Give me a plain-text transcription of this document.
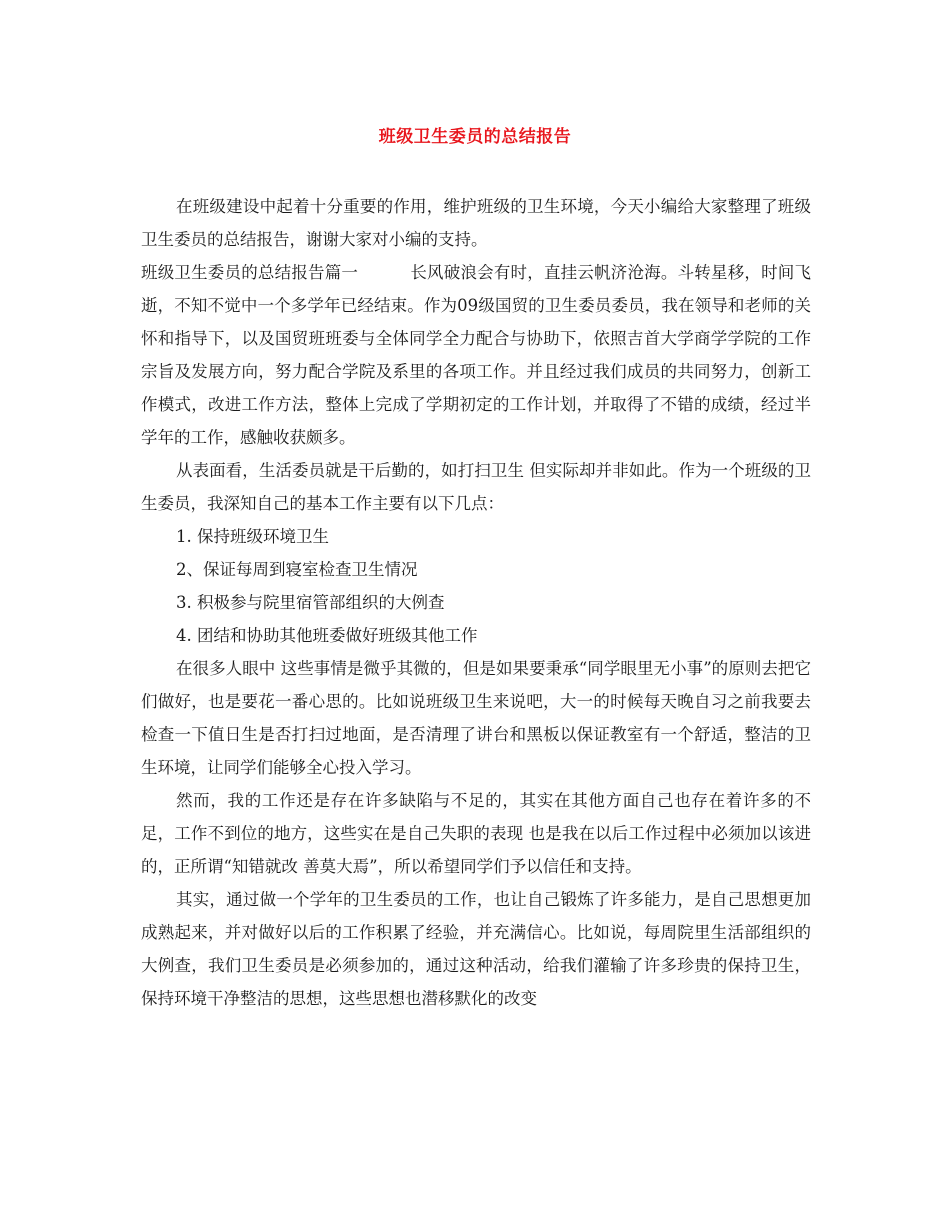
班级卫生委员的总结报告

在班级建设中起着十分重要的作用，维护班级的卫生环境，今天小编给大家整理了班级卫生委员的总结报告，谢谢大家对小编的支持。

班级卫生委员的总结报告篇一	长风破浪会有时，直挂云帆济沧海。斗转星移，时间飞逝，不知不觉中一个多学年已经结束。作为09级国贸的卫生委员委员，我在领导和老师的关怀和指导下，以及国贸班班委与全体同学全力配合与协助下，依照吉首大学商学学院的工作宗旨及发展方向，努力配合学院及系里的各项工作。并且经过我们成员的共同努力，创新工作模式，改进工作方法，整体上完成了学期初定的工作计划，并取得了不错的成绩，经过半学年的工作，感触收获颇多。

从表面看，生活委员就是干后勤的，如打扫卫生 但实际却并非如此。作为一个班级的卫生委员，我深知自己的基本工作主要有以下几点：

1. 保持班级环境卫生

2、保证每周到寝室检查卫生情况

3. 积极参与院里宿管部组织的大例查

4. 团结和协助其他班委做好班级其他工作

在很多人眼中 这些事情是微乎其微的，但是如果要秉承“同学眼里无小事”的原则去把它们做好，也是要花一番心思的。比如说班级卫生来说吧，大一的时候每天晚自习之前我要去检查一下值日生是否打扫过地面，是否清理了讲台和黑板以保证教室有一个舒适，整洁的卫生环境，让同学们能够全心投入学习。

然而，我的工作还是存在许多缺陷与不足的，其实在其他方面自己也存在着许多的不足，工作不到位的地方，这些实在是自己失职的表现 也是我在以后工作过程中必须加以该进的，正所谓“知错就改 善莫大焉”，所以希望同学们予以信任和支持。

其实，通过做一个学年的卫生委员的工作，也让自己锻炼了许多能力，是自己思想更加成熟起来，并对做好以后的工作积累了经验，并充满信心。比如说，每周院里生活部组织的大例查，我们卫生委员是必须参加的，通过这种活动，给我们灌输了许多珍贵的保持卫生，保持环境干净整洁的思想，这些思想也潜移默化的改变
